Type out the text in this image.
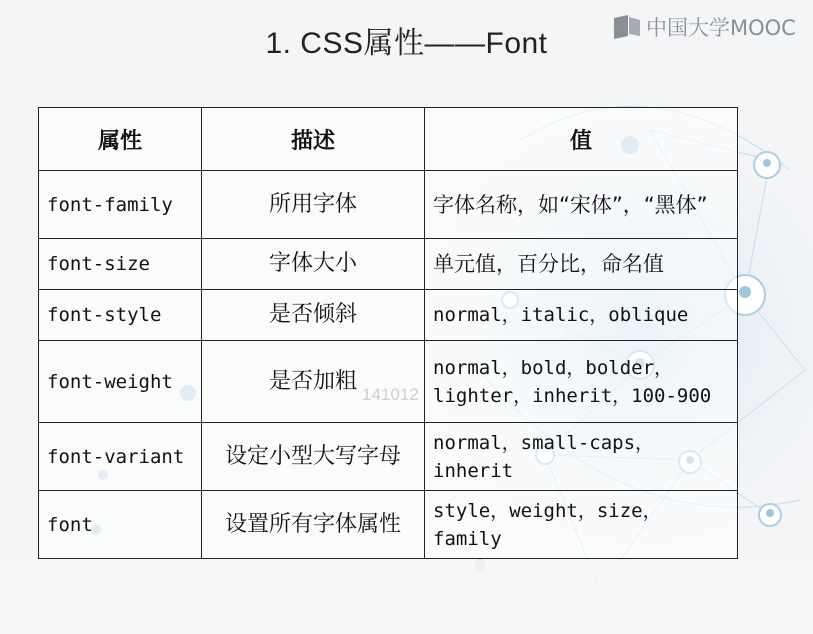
中国大学MOOC
1. CSS属性——Font
属性	描述	值
font-family	所用字体	字体名称，如“宋体”，“黑体”
font-size	字体大小	单元值，百分比，命名值
font-style	是否倾斜	normal，italic，oblique
font-weight	是否加粗	normal，bold，bolder，lighter，inherit，100-900
font-variant	设定小型大写字母	normal，small-caps，inherit
font	设置所有字体属性	style，weight，size，family
141012
